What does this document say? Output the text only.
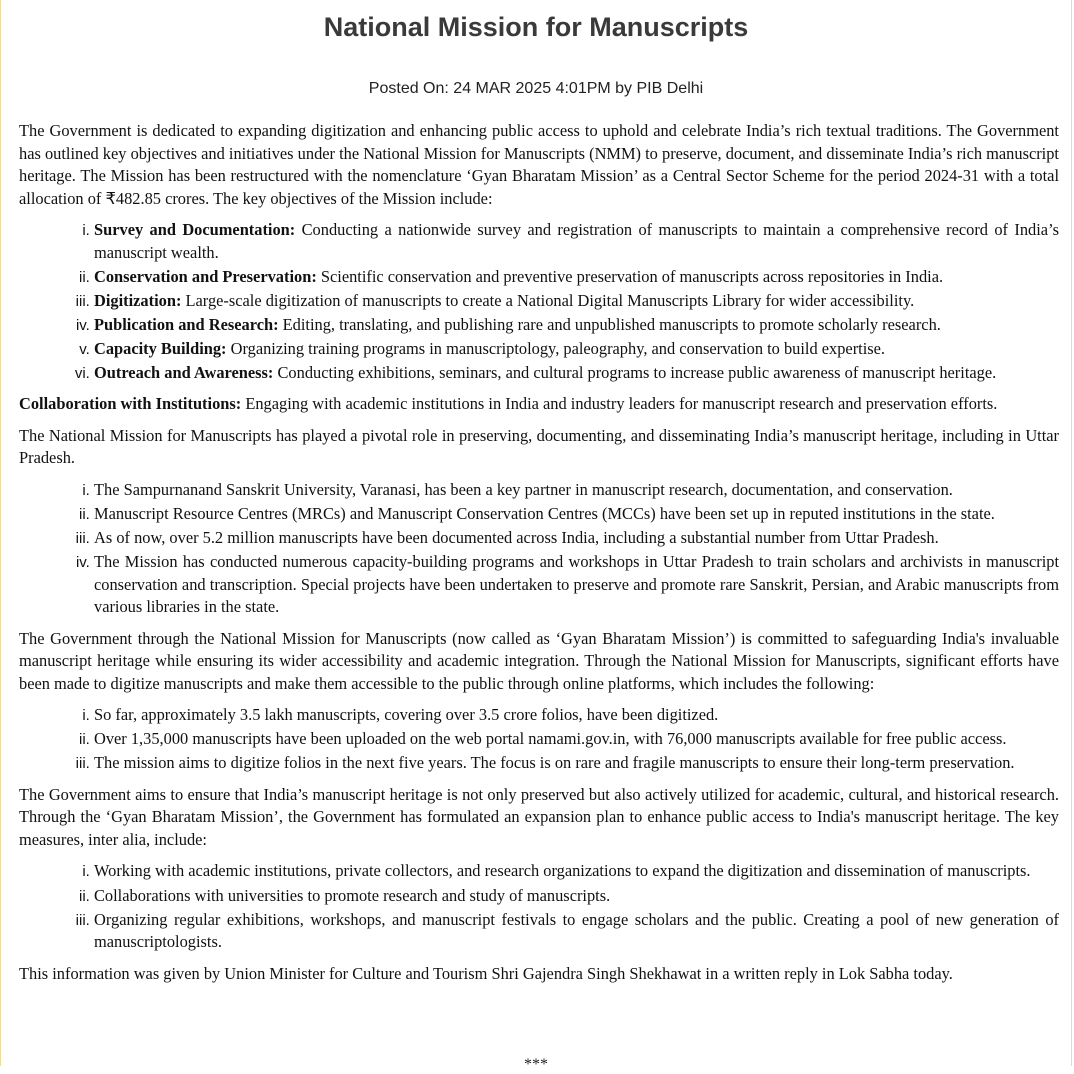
National Mission for Manuscripts
Posted On: 24 MAR 2025 4:01PM by PIB Delhi

The Government is dedicated to expanding digitization and enhancing public access to uphold and celebrate India’s rich textual traditions. The Government has outlined key objectives and initiatives under the National Mission for Manuscripts (NMM) to preserve, document, and disseminate India’s rich manuscript heritage. The Mission has been restructured with the nomenclature ‘Gyan Bharatam Mission’ as a Central Sector Scheme for the period 2024-31 with a total allocation of ₹482.85 crores. The key objectives of the Mission include:

i. Survey and Documentation: Conducting a nationwide survey and registration of manuscripts to maintain a comprehensive record of India’s manuscript wealth.
ii. Conservation and Preservation: Scientific conservation and preventive preservation of manuscripts across repositories in India.
iii. Digitization: Large-scale digitization of manuscripts to create a National Digital Manuscripts Library for wider accessibility.
iv. Publication and Research: Editing, translating, and publishing rare and unpublished manuscripts to promote scholarly research.
v. Capacity Building: Organizing training programs in manuscriptology, paleography, and conservation to build expertise.
vi. Outreach and Awareness: Conducting exhibitions, seminars, and cultural programs to increase public awareness of manuscript heritage.

Collaboration with Institutions: Engaging with academic institutions in India and industry leaders for manuscript research and preservation efforts.

The National Mission for Manuscripts has played a pivotal role in preserving, documenting, and disseminating India’s manuscript heritage, including in Uttar Pradesh.

i. The Sampurnanand Sanskrit University, Varanasi, has been a key partner in manuscript research, documentation, and conservation.
ii. Manuscript Resource Centres (MRCs) and Manuscript Conservation Centres (MCCs) have been set up in reputed institutions in the state.
iii. As of now, over 5.2 million manuscripts have been documented across India, including a substantial number from Uttar Pradesh.
iv. The Mission has conducted numerous capacity-building programs and workshops in Uttar Pradesh to train scholars and archivists in manuscript conservation and transcription. Special projects have been undertaken to preserve and promote rare Sanskrit, Persian, and Arabic manuscripts from various libraries in the state.

The Government through the National Mission for Manuscripts (now called as ‘Gyan Bharatam Mission’) is committed to safeguarding India's invaluable manuscript heritage while ensuring its wider accessibility and academic integration. Through the National Mission for Manuscripts, significant efforts have been made to digitize manuscripts and make them accessible to the public through online platforms, which includes the following:

i. So far, approximately 3.5 lakh manuscripts, covering over 3.5 crore folios, have been digitized.
ii. Over 1,35,000 manuscripts have been uploaded on the web portal namami.gov.in, with 76,000 manuscripts available for free public access.
iii. The mission aims to digitize folios in the next five years. The focus is on rare and fragile manuscripts to ensure their long-term preservation.

The Government aims to ensure that India’s manuscript heritage is not only preserved but also actively utilized for academic, cultural, and historical research. Through the ‘Gyan Bharatam Mission’, the Government has formulated an expansion plan to enhance public access to India's manuscript heritage. The key measures, inter alia, include:

i. Working with academic institutions, private collectors, and research organizations to expand the digitization and dissemination of manuscripts.
ii. Collaborations with universities to promote research and study of manuscripts.
iii. Organizing regular exhibitions, workshops, and manuscript festivals to engage scholars and the public. Creating a pool of new generation of manuscriptologists.

This information was given by Union Minister for Culture and Tourism Shri Gajendra Singh Shekhawat in a written reply in Lok Sabha today.

***
